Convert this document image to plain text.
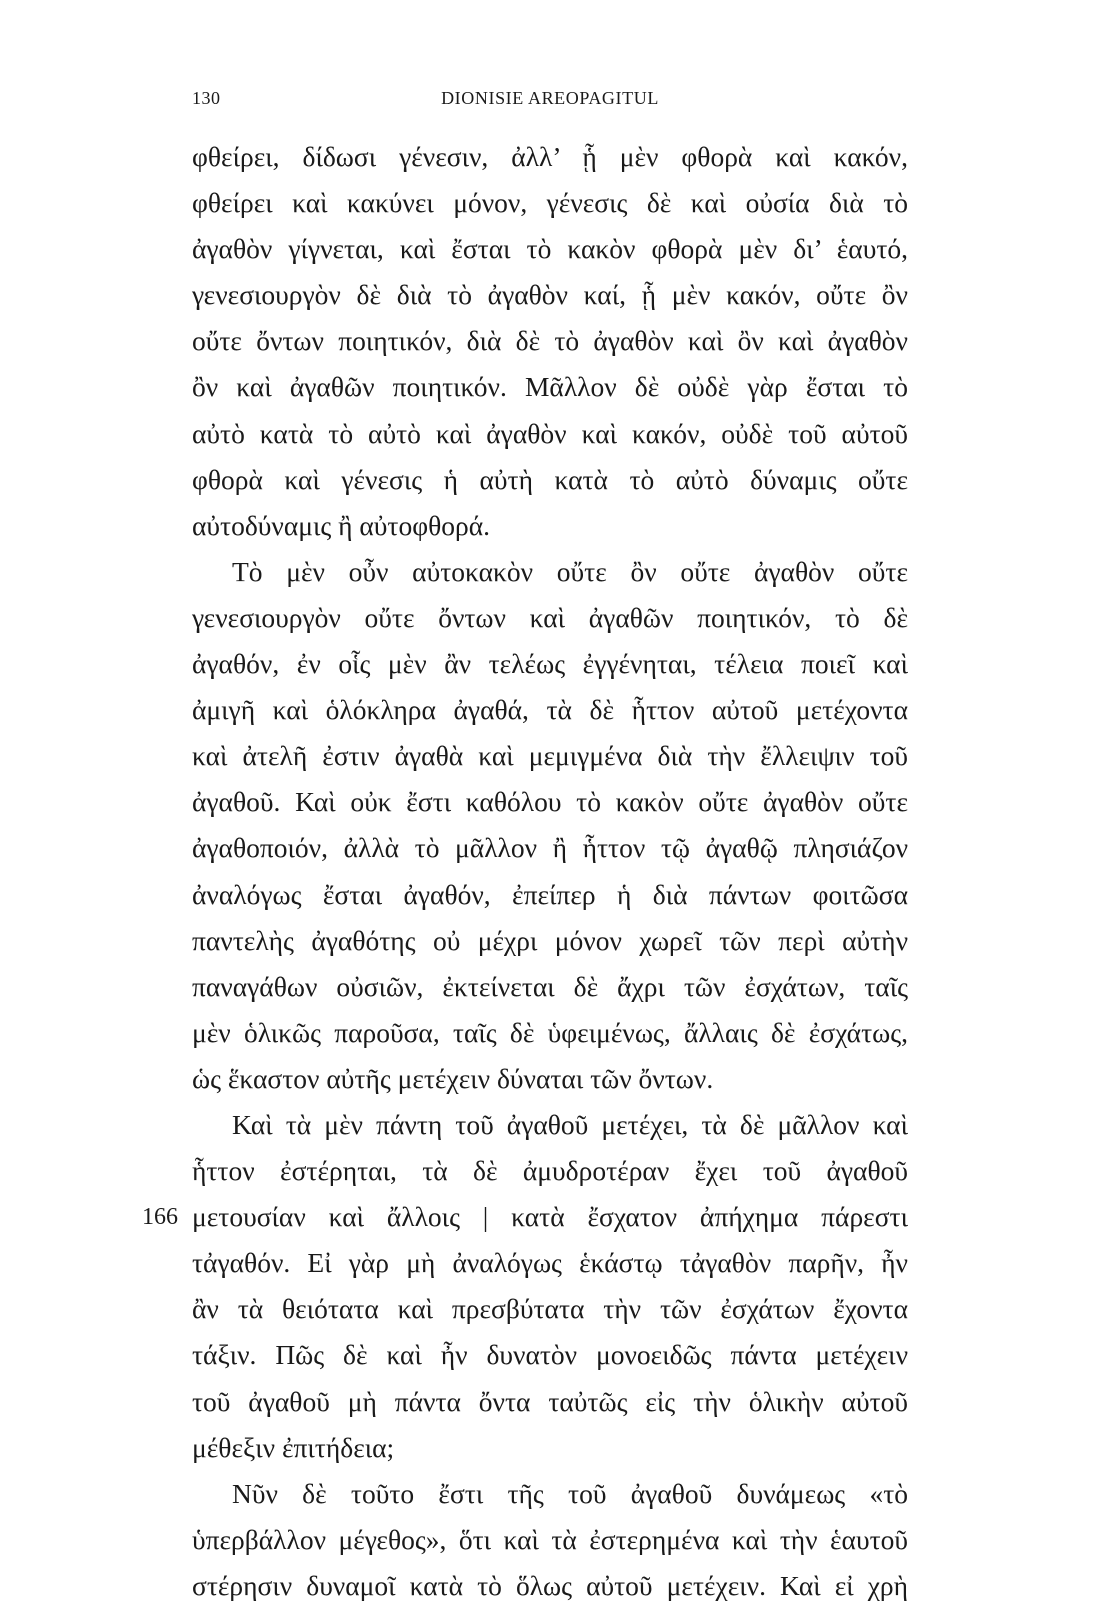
130	DIONISIE AREOPAGITUL
φθείρει, δίδωσι γένεσιν, ἀλλ’ ᾗ μὲν φθορὰ καὶ κακόν,
φθείρει καὶ κακύνει μόνον, γένεσις δὲ καὶ οὐσία διὰ τὸ
ἀγαθὸν γίγνεται, καὶ ἔσται τὸ κακὸν φθορὰ μὲν δι’ ἑαυτό,
γενεσιουργὸν δὲ διὰ τὸ ἀγαθὸν καί, ᾗ μὲν κακόν, οὔτε ὂν
οὔτε ὄντων ποιητικόν, διὰ δὲ τὸ ἀγαθὸν καὶ ὂν καὶ ἀγαθὸν
ὂν καὶ ἀγαθῶν ποιητικόν. Μᾶλλον δὲ οὐδὲ γὰρ ἔσται τὸ
αὐτὸ κατὰ τὸ αὐτὸ καὶ ἀγαθὸν καὶ κακόν, οὐδὲ τοῦ αὐτοῦ
φθορὰ καὶ γένεσις ἡ αὐτὴ κατὰ τὸ αὐτὸ δύναμις οὔτε
αὐτοδύναμις ἢ αὐτοφθορά.
Τὸ μὲν οὖν αὐτοκακὸν οὔτε ὂν οὔτε ἀγαθὸν οὔτε
γενεσιουργὸν οὔτε ὄντων καὶ ἀγαθῶν ποιητικόν, τὸ δὲ
ἀγαθόν, ἐν οἷς μὲν ἂν τελέως ἐγγένηται, τέλεια ποιεῖ καὶ
ἀμιγῆ καὶ ὁλόκληρα ἀγαθά, τὰ δὲ ἧττον αὐτοῦ μετέχοντα
καὶ ἀτελῆ ἐστιν ἀγαθὰ καὶ μεμιγμένα διὰ τὴν ἔλλειψιν τοῦ
ἀγαθοῦ. Καὶ οὐκ ἔστι καθόλου τὸ κακὸν οὔτε ἀγαθὸν οὔτε
ἀγαθοποιόν, ἀλλὰ τὸ μᾶλλον ἢ ἧττον τῷ ἀγαθῷ πλησιάζον
ἀναλόγως ἔσται ἀγαθόν, ἐπείπερ ἡ διὰ πάντων φοιτῶσα
παντελὴς ἀγαθότης οὐ μέχρι μόνον χωρεῖ τῶν περὶ αὐτὴν
παναγάθων οὐσιῶν, ἐκτείνεται δὲ ἄχρι τῶν ἐσχάτων, ταῖς
μὲν ὁλικῶς παροῦσα, ταῖς δὲ ὑφειμένως, ἄλλαις δὲ ἐσχάτως,
ὡς ἕκαστον αὐτῆς μετέχειν δύναται τῶν ὄντων.
Καὶ τὰ μὲν πάντη τοῦ ἀγαθοῦ μετέχει, τὰ δὲ μᾶλλον καὶ
ἧττον ἐστέρηται, τὰ δὲ ἀμυδροτέραν ἔχει τοῦ ἀγαθοῦ
166 μετουσίαν καὶ ἄλλοις | κατὰ ἔσχατον ἀπήχημα πάρεστι
τἀγαθόν. Εἰ γὰρ μὴ ἀναλόγως ἑκάστῳ τἀγαθὸν παρῆν, ἦν
ἂν τὰ θειότατα καὶ πρεσβύτατα τὴν τῶν ἐσχάτων ἔχοντα
τάξιν. Πῶς δὲ καὶ ἦν δυνατὸν μονοειδῶς πάντα μετέχειν
τοῦ ἀγαθοῦ μὴ πάντα ὄντα ταὐτῶς εἰς τὴν ὁλικὴν αὐτοῦ
μέθεξιν ἐπιτήδεια;
Νῦν δὲ τοῦτο ἔστι τῆς τοῦ ἀγαθοῦ δυνάμεως «τὸ
ὑπερβάλλον μέγεθος», ὅτι καὶ τὰ ἐστερημένα καὶ τὴν ἑαυτοῦ
στέρησιν δυναμοῖ κατὰ τὸ ὅλως αὐτοῦ μετέχειν. Καὶ εἰ χρὴ
